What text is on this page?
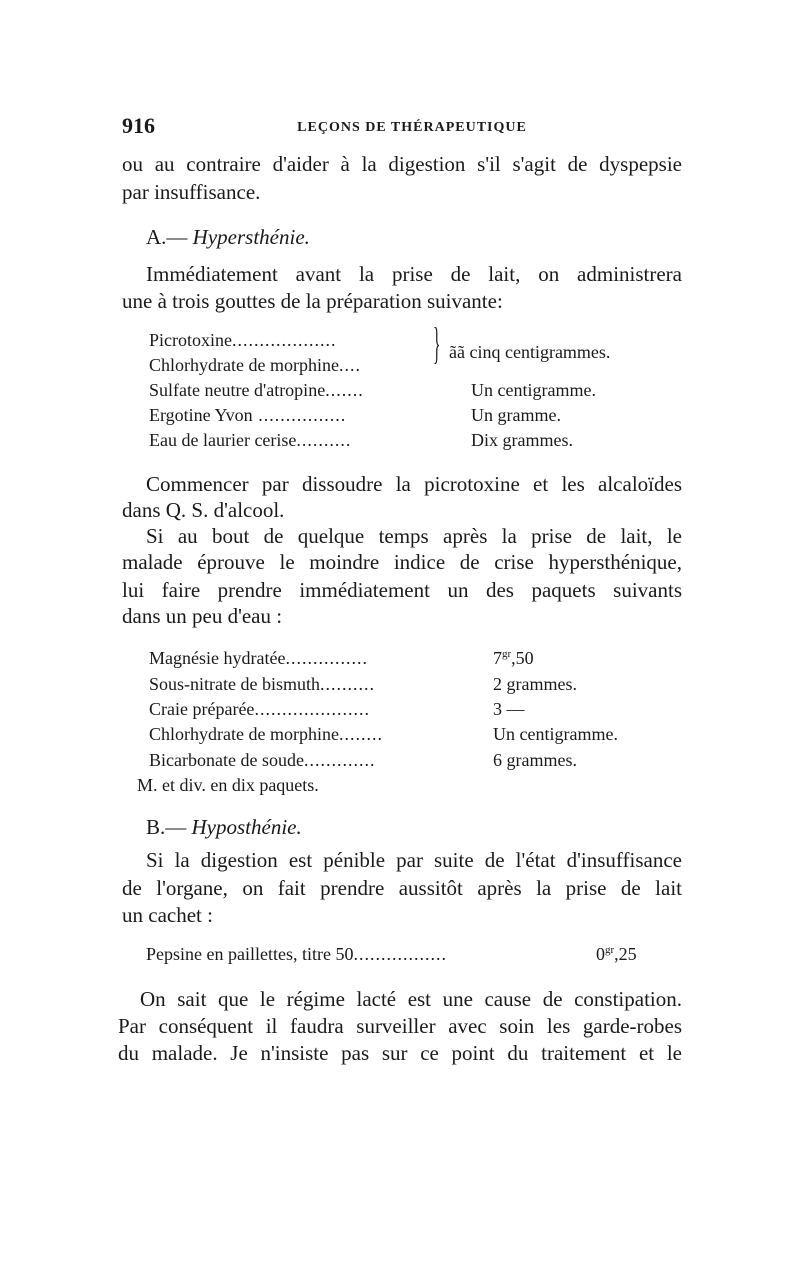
916	LEÇONS DE THÉRAPEUTIQUE
ou au contraire d'aider à la digestion s'il s'agit de dyspepsie
par insuffisance.
A.— Hypersthénie.
Immédiatement avant la prise de lait, on administrera
une à trois gouttes de la préparation suivante:
Picrotoxine...................
Chlorhydrate de morphine.... } ãã cinq centigrammes.
Sulfate neutre d'atropine.......	Un centigramme.
Ergotine Yvon ................	Un gramme.
Eau de laurier cerise..........	Dix grammes.
Commencer par dissoudre la picrotoxine et les alcaloïdes
dans Q. S. d'alcool.
Si au bout de quelque temps après la prise de lait, le
malade éprouve le moindre indice de crise hypersthénique,
lui faire prendre immédiatement un des paquets suivants
dans un peu d'eau :
Magnésie hydratée...............	$7^{gr},50$
Sous-nitrate de bismuth..........	2 grammes.
Craie préparée.....................	3 —
Chlorhydrate de morphine........	Un centigramme.
Bicarbonate de soude.............	6 grammes.
M. et div. en dix paquets.
B.— Hyposthénie.
Si la digestion est pénible par suite de l'état d'insuffisance
de l'organe, on fait prendre aussitôt après la prise de lait
un cachet :
Pepsine en paillettes, titre 50.................	$0^{gr},25$
On sait que le régime lacté est une cause de constipation.
Par conséquent il faudra surveiller avec soin les garde-robes
du malade. Je n'insiste pas sur ce point du traitement et le
